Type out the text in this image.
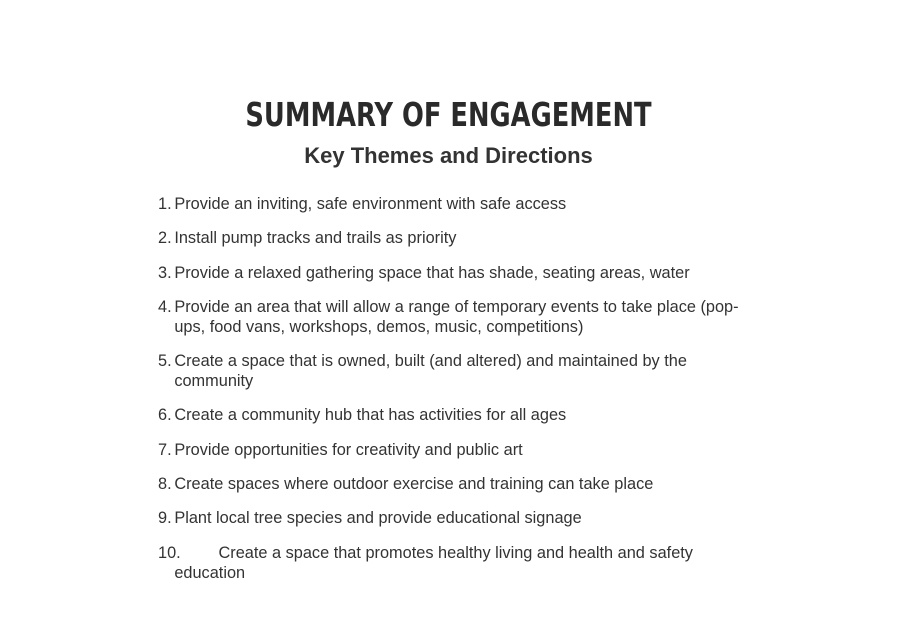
SUMMARY OF ENGAGEMENT
Key Themes and Directions
1. Provide an inviting, safe environment with safe access
2. Install pump tracks and trails as priority
3. Provide a relaxed gathering space that has shade, seating areas, water
4. Provide an area that will allow a range of temporary events to take place (pop-ups, food vans, workshops, demos, music, competitions)
5. Create a space that is owned, built (and altered) and maintained by the community
6. Create a community hub that has activities for all ages
7. Provide opportunities for creativity and public art
8. Create spaces where outdoor exercise and training can take place
9. Plant local tree species and provide educational signage
10. Create a space that promotes healthy living and health and safety education
